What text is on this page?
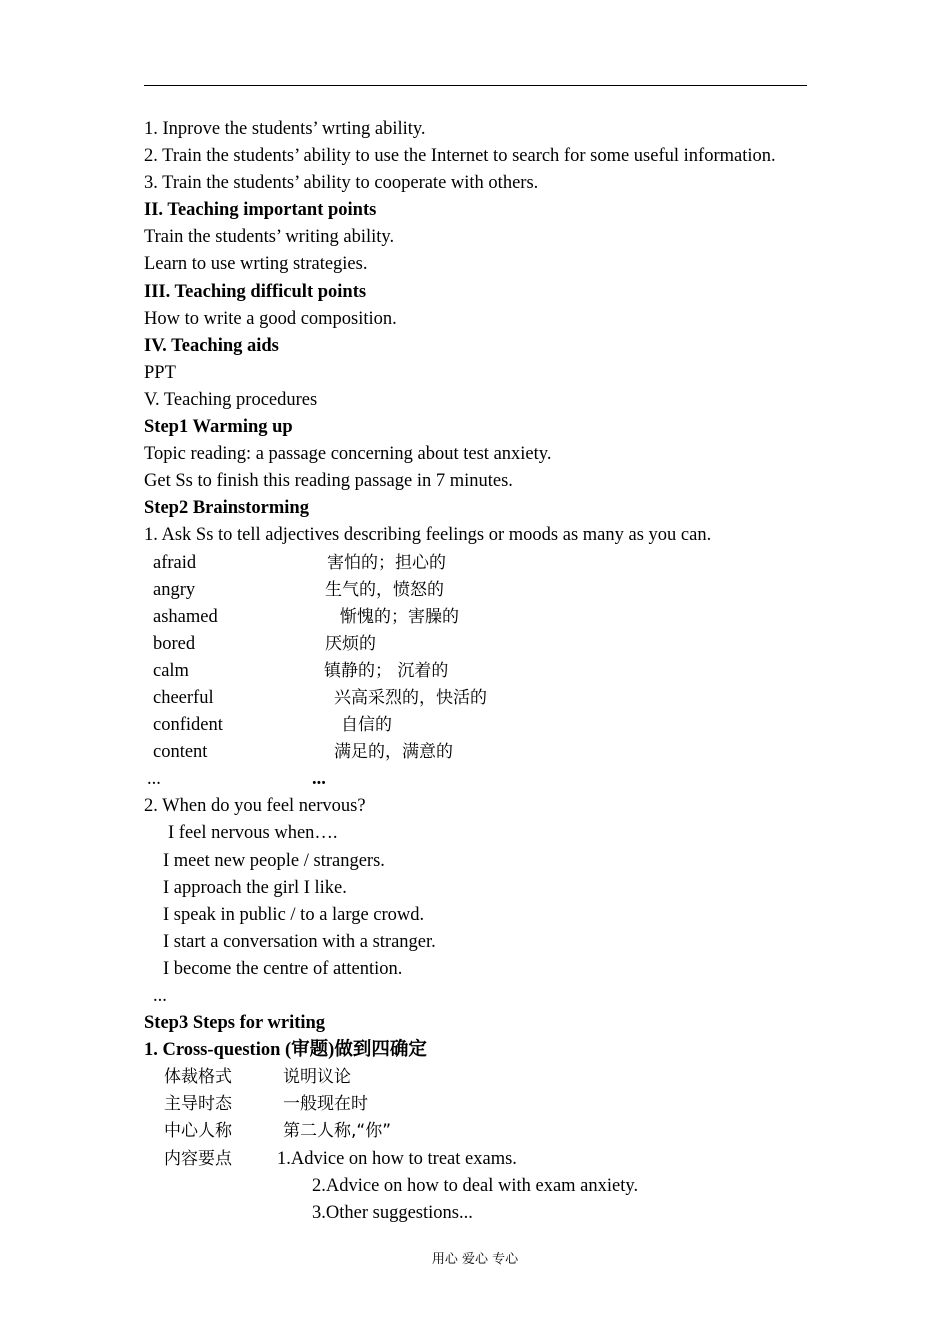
1. Inprove the students’ wrting ability.
2. Train the students’ ability to use the Internet to search for some useful information.
3. Train the students’ ability to cooperate with others.
II. Teaching important points
Train the students’ writing ability.
Learn to use wrting strategies.
III. Teaching difficult points
How to write a good composition.
IV. Teaching aids
PPT
V. Teaching procedures
Step1 Warming up
Topic reading: a passage concerning about test anxiety.
Get Ss to finish this reading passage in 7 minutes.
Step2 Brainstorming
1. Ask Ss to tell adjectives describing feelings or moods as many as you can.
afraid	害怕的；担心的
angry	生气的，愤怒的
ashamed	惭愧的；害臊的
bored	厌烦的
calm	镇静的； 沉着的
cheerful	兴高采烈的，快活的
confident	自信的
content	满足的，满意的
...	...
2. When do you feel nervous?
I feel nervous when….
I meet new people / strangers.
I approach the girl I like.
I speak in public / to a large crowd.
I start a conversation with a stranger.
I become the centre of attention.
...
Step3 Steps for writing
1. Cross-question (审题)做到四确定
体裁格式	说明议论
主导时态	一般现在时
中心人称	第二人称,“你”
内容要点 1.Advice on how to treat exams.
2.Advice on how to deal with exam anxiety.
3.Other suggestions...
用心 爱心 专心
